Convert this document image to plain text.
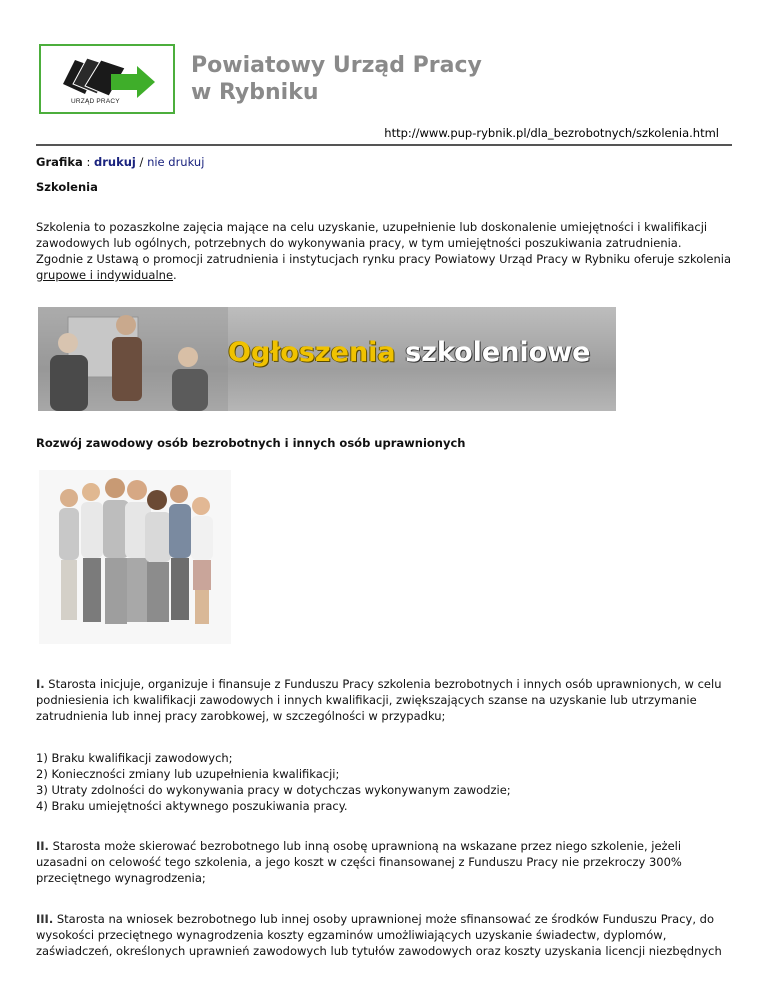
URZĄD PRACY
Powiatowy Urząd Pracy
w Rybniku
http://www.pup-rybnik.pl/dla_bezrobotnych/szkolenia.html
Grafika : drukuj / nie drukuj
Szkolenia

Szkolenia to pozaszkolne zajęcia mające na celu uzyskanie, uzupełnienie lub doskonalenie umiejętności i kwalifikacji zawodowych lub ogólnych, potrzebnych do wykonywania pracy, w tym umiejętności poszukiwania zatrudnienia. Zgodnie z Ustawą o promocji zatrudnienia i instytucjach rynku pracy Powiatowy Urząd Pracy w Rybniku oferuje szkolenia grupowe i indywidualne.

Ogłoszenia szkoleniowe
Rozwój zawodowy osób bezrobotnych i innych osób uprawnionych

I. Starosta inicjuje, organizuje i finansuje z Funduszu Pracy szkolenia bezrobotnych i innych osób uprawnionych, w celu podniesienia ich kwalifikacji zawodowych i innych kwalifikacji, zwiększających szanse na uzyskanie lub utrzymanie zatrudnienia lub innej pracy zarobkowej, w szczególności w przypadku;

1) Braku kwalifikacji zawodowych;
2) Konieczności zmiany lub uzupełnienia kwalifikacji;
3) Utraty zdolności do wykonywania pracy w dotychczas wykonywanym zawodzie;
4) Braku umiejętności aktywnego poszukiwania pracy.

II. Starosta może skierować bezrobotnego lub inną osobę uprawnioną na wskazane przez niego szkolenie, jeżeli uzasadni on celowość tego szkolenia, a jego koszt w części finansowanej z Funduszu Pracy nie przekroczy 300% przeciętnego wynagrodzenia;

III. Starosta na wniosek bezrobotnego lub innej osoby uprawnionej może sfinansować ze środków Funduszu Pracy, do wysokości przeciętnego wynagrodzenia koszty egzaminów umożliwiających uzyskanie świadectw, dyplomów, zaświadczeń, określonych uprawnień zawodowych lub tytułów zawodowych oraz koszty uzyskania licencji niezbędnych
